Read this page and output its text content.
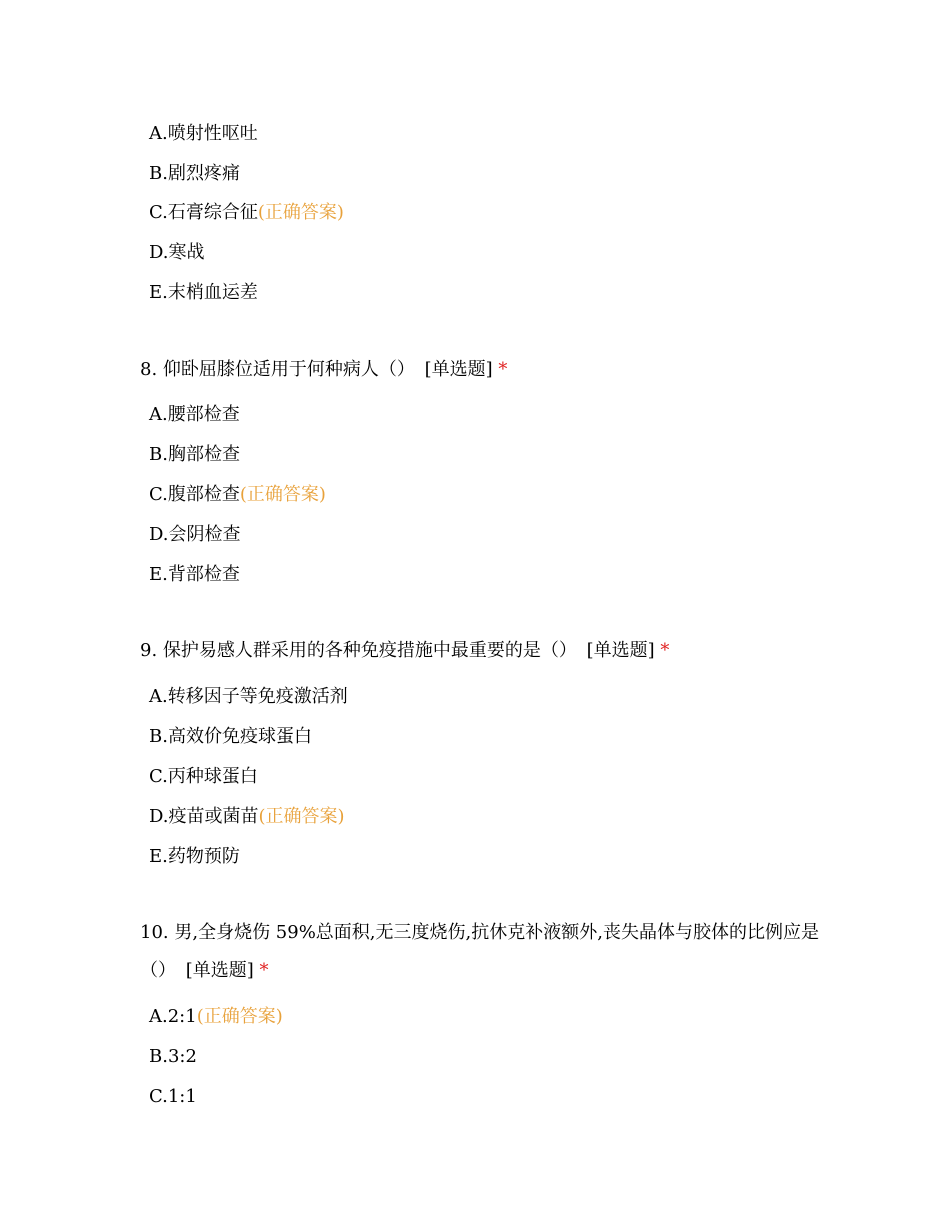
A.喷射性呕吐
B.剧烈疼痛
C.石膏综合征(正确答案)
D.寒战
E.末梢血运差
8. 仰卧屈膝位适用于何种病人（） [单选题] *
A.腰部检查
B.胸部检查
C.腹部检查(正确答案)
D.会阴检查
E.背部检查
9. 保护易感人群采用的各种免疫措施中最重要的是（） [单选题] *
A.转移因子等免疫激活剂
B.高效价免疫球蛋白
C.丙种球蛋白
D.疫苗或菌苗(正确答案)
E.药物预防
10. 男,全身烧伤 59%总面积,无三度烧伤,抗休克补液额外,丧失晶体与胶体的比例应是（） [单选题] *
A.2:1(正确答案)
B.3:2
C.1:1
